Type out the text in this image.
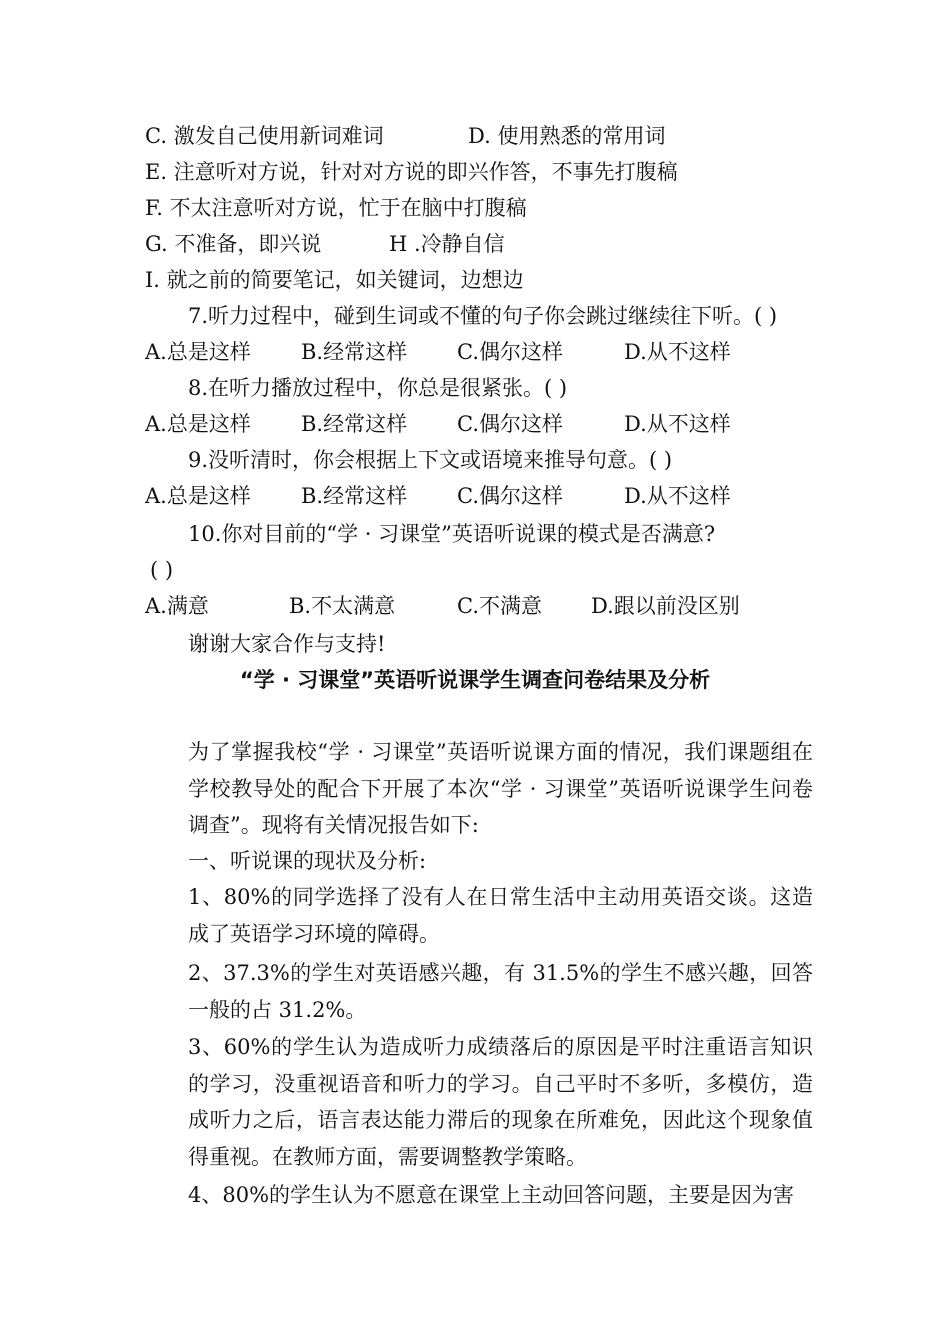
C. 激发自己使用新词难词	D. 使用熟悉的常用词
E. 注意听对方说，针对对方说的即兴作答，不事先打腹稿
F. 不太注意听对方说，忙于在脑中打腹稿
G. 不准备，即兴说	H .冷静自信
I. 就之前的简要笔记，如关键词，边想边
7.听力过程中，碰到生词或不懂的句子你会跳过继续往下听。( )
A.总是这样 B.经常这样 C.偶尔这样	D.从不这样
8.在听力播放过程中，你总是很紧张。( )
A.总是这样 B.经常这样 C.偶尔这样	D.从不这样
9.没听清时，你会根据上下文或语境来推导句意。( )
A.总是这样 B.经常这样 C.偶尔这样	D.从不这样
10.你对目前的“学 · 习课堂”英语听说课的模式是否满意?
( )
A.满意	B.不太满意	C.不满意 D.跟以前没区别
谢谢大家合作与支持!
“学 · 习课堂”英语听说课学生调查问卷结果及分析
为了掌握我校“学 · 习课堂”英语听说课方面的情况，我们课题组在学校教导处的配合下开展了本次“学 · 习课堂”英语听说课学生问卷调查”。现将有关情况报告如下:
一、听说课的现状及分析:
1、80%的同学选择了没有人在日常生活中主动用英语交谈。这造成了英语学习环境的障碍。
2、37.3%的学生对英语感兴趣，有 31.5%的学生不感兴趣，回答一般的占 31.2%。
3、60%的学生认为造成听力成绩落后的原因是平时注重语言知识的学习，没重视语音和听力的学习。自己平时不多听，多模仿，造成听力之后，语言表达能力滞后的现象在所难免，因此这个现象值得重视。在教师方面，需要调整教学策略。
4、80%的学生认为不愿意在课堂上主动回答问题，主要是因为害
